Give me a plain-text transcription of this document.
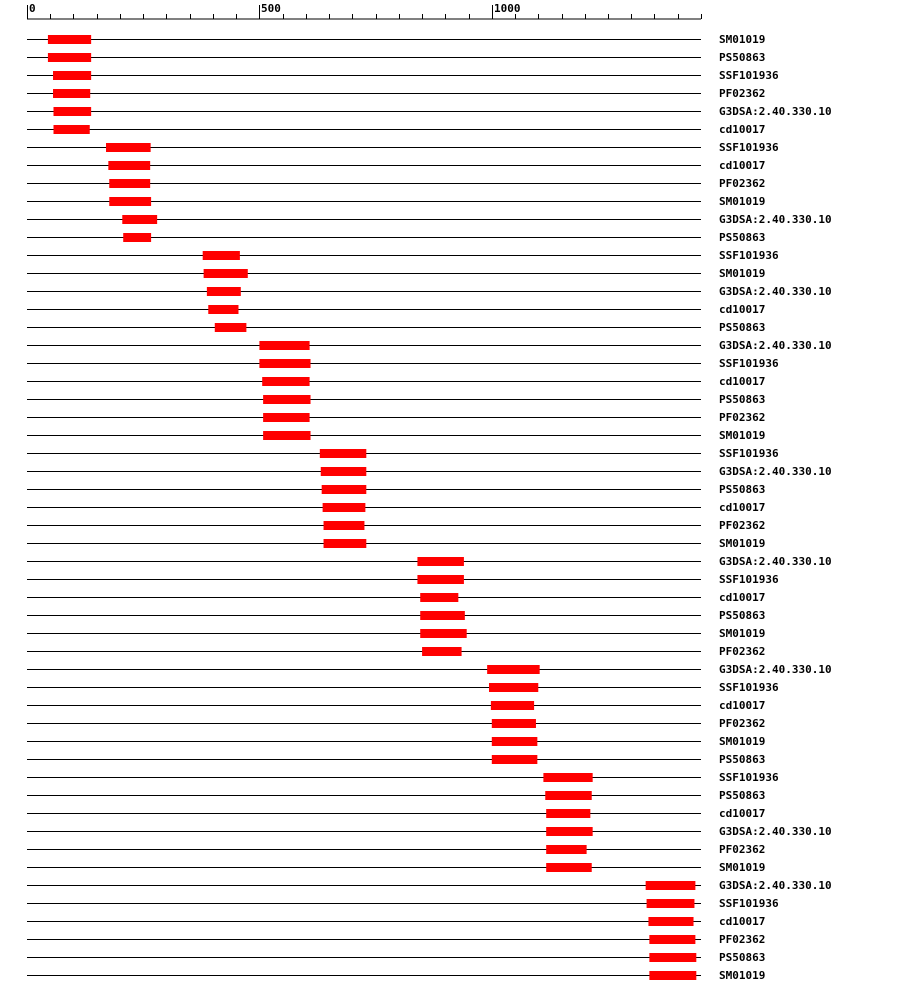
0	500	1000
SM01019
PS50863
SSF101936
PF02362
G3DSA:2.40.330.10
cd10017
SSF101936
cd10017
PF02362
SM01019
G3DSA:2.40.330.10
PS50863
SSF101936
SM01019
G3DSA:2.40.330.10
cd10017
PS50863
G3DSA:2.40.330.10
SSF101936
cd10017
PS50863
PF02362
SM01019
SSF101936
G3DSA:2.40.330.10
PS50863
cd10017
PF02362
SM01019
G3DSA:2.40.330.10
SSF101936
cd10017
PS50863
SM01019
PF02362
G3DSA:2.40.330.10
SSF101936
cd10017
PF02362
SM01019
PS50863
SSF101936
PS50863
cd10017
G3DSA:2.40.330.10
PF02362
SM01019
G3DSA:2.40.330.10
SSF101936
cd10017
PF02362
PS50863
SM01019
